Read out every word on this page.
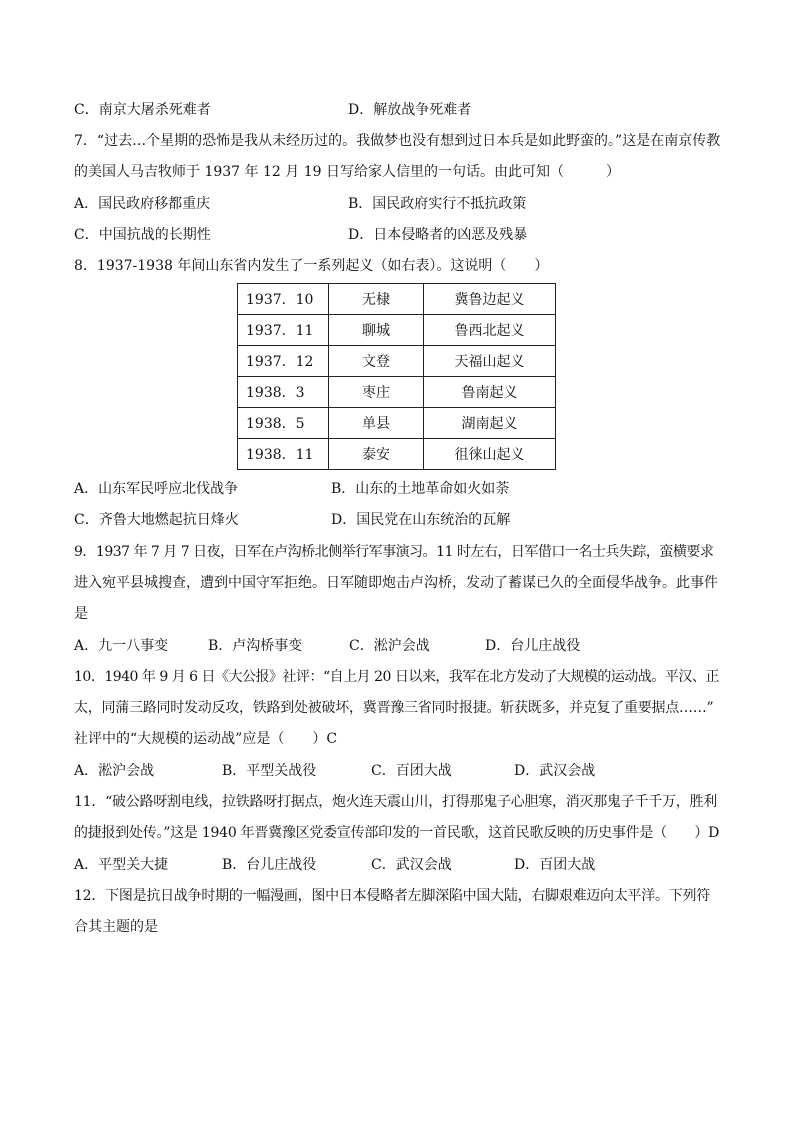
C．南京大屠杀死难者	D．解放战争死难者
7．“过去…个星期的恐怖是我从未经历过的。我做梦也没有想到过日本兵是如此野蛮的。”这是在南京传教
的美国人马吉牧师于 1937 年 12 月 19 日写给家人信里的一句话。由此可知（　　　）
A．国民政府移都重庆	B．国民政府实行不抵抗政策
C．中国抗战的长期性	D．日本侵略者的凶恶及残暴
8．1937-1938 年间山东省内发生了一系列起义（如右表）。这说明（　　）
1937．10	无棣	冀鲁边起义
1937．11	聊城	鲁西北起义
1937．12	文登	天福山起义
1938．3	枣庄	鲁南起义
1938．5	单县	湖南起义
1938．11	泰安	徂徕山起义
A．山东军民呼应北伐战争	B．山东的土地革命如火如荼
C．齐鲁大地燃起抗日烽火	D．国民党在山东统治的瓦解
9．1937 年 7 月 7 日夜，日军在卢沟桥北侧举行军事演习。11 时左右，日军借口一名士兵失踪，蛮横要求
进入宛平县城搜查，遭到中国守军拒绝。日军随即炮击卢沟桥，发动了蓄谋已久的全面侵华战争。此事件
是
A．九一八事变	B．卢沟桥事变	C．淞沪会战	D．台儿庄战役
10．1940 年 9 月 6 日《大公报》社评：“自上月 20 日以来，我军在北方发动了大规模的运动战。平汉、正
太，同蒲三路同时发动反攻，铁路到处被破坏，冀晋豫三省同时报捷。斩获既多，并克复了重要据点……”
社评中的“大规模的运动战”应是（　　）C
A．淞沪会战	B．平型关战役	C．百团大战	D．武汉会战
11．“破公路呀割电线，拉铁路呀打据点，炮火连天震山川，打得那鬼子心胆寒，消灭那鬼子千千万，胜利
的捷报到处传。”这是 1940 年晋冀豫区党委宣传部印发的一首民歌，这首民歌反映的历史事件是（　　）D
A．平型关大捷	B．台儿庄战役	C．武汉会战	D．百团大战
12．下图是抗日战争时期的一幅漫画，图中日本侵略者左脚深陷中国大陆，右脚艰难迈向太平洋。下列符
合其主题的是
